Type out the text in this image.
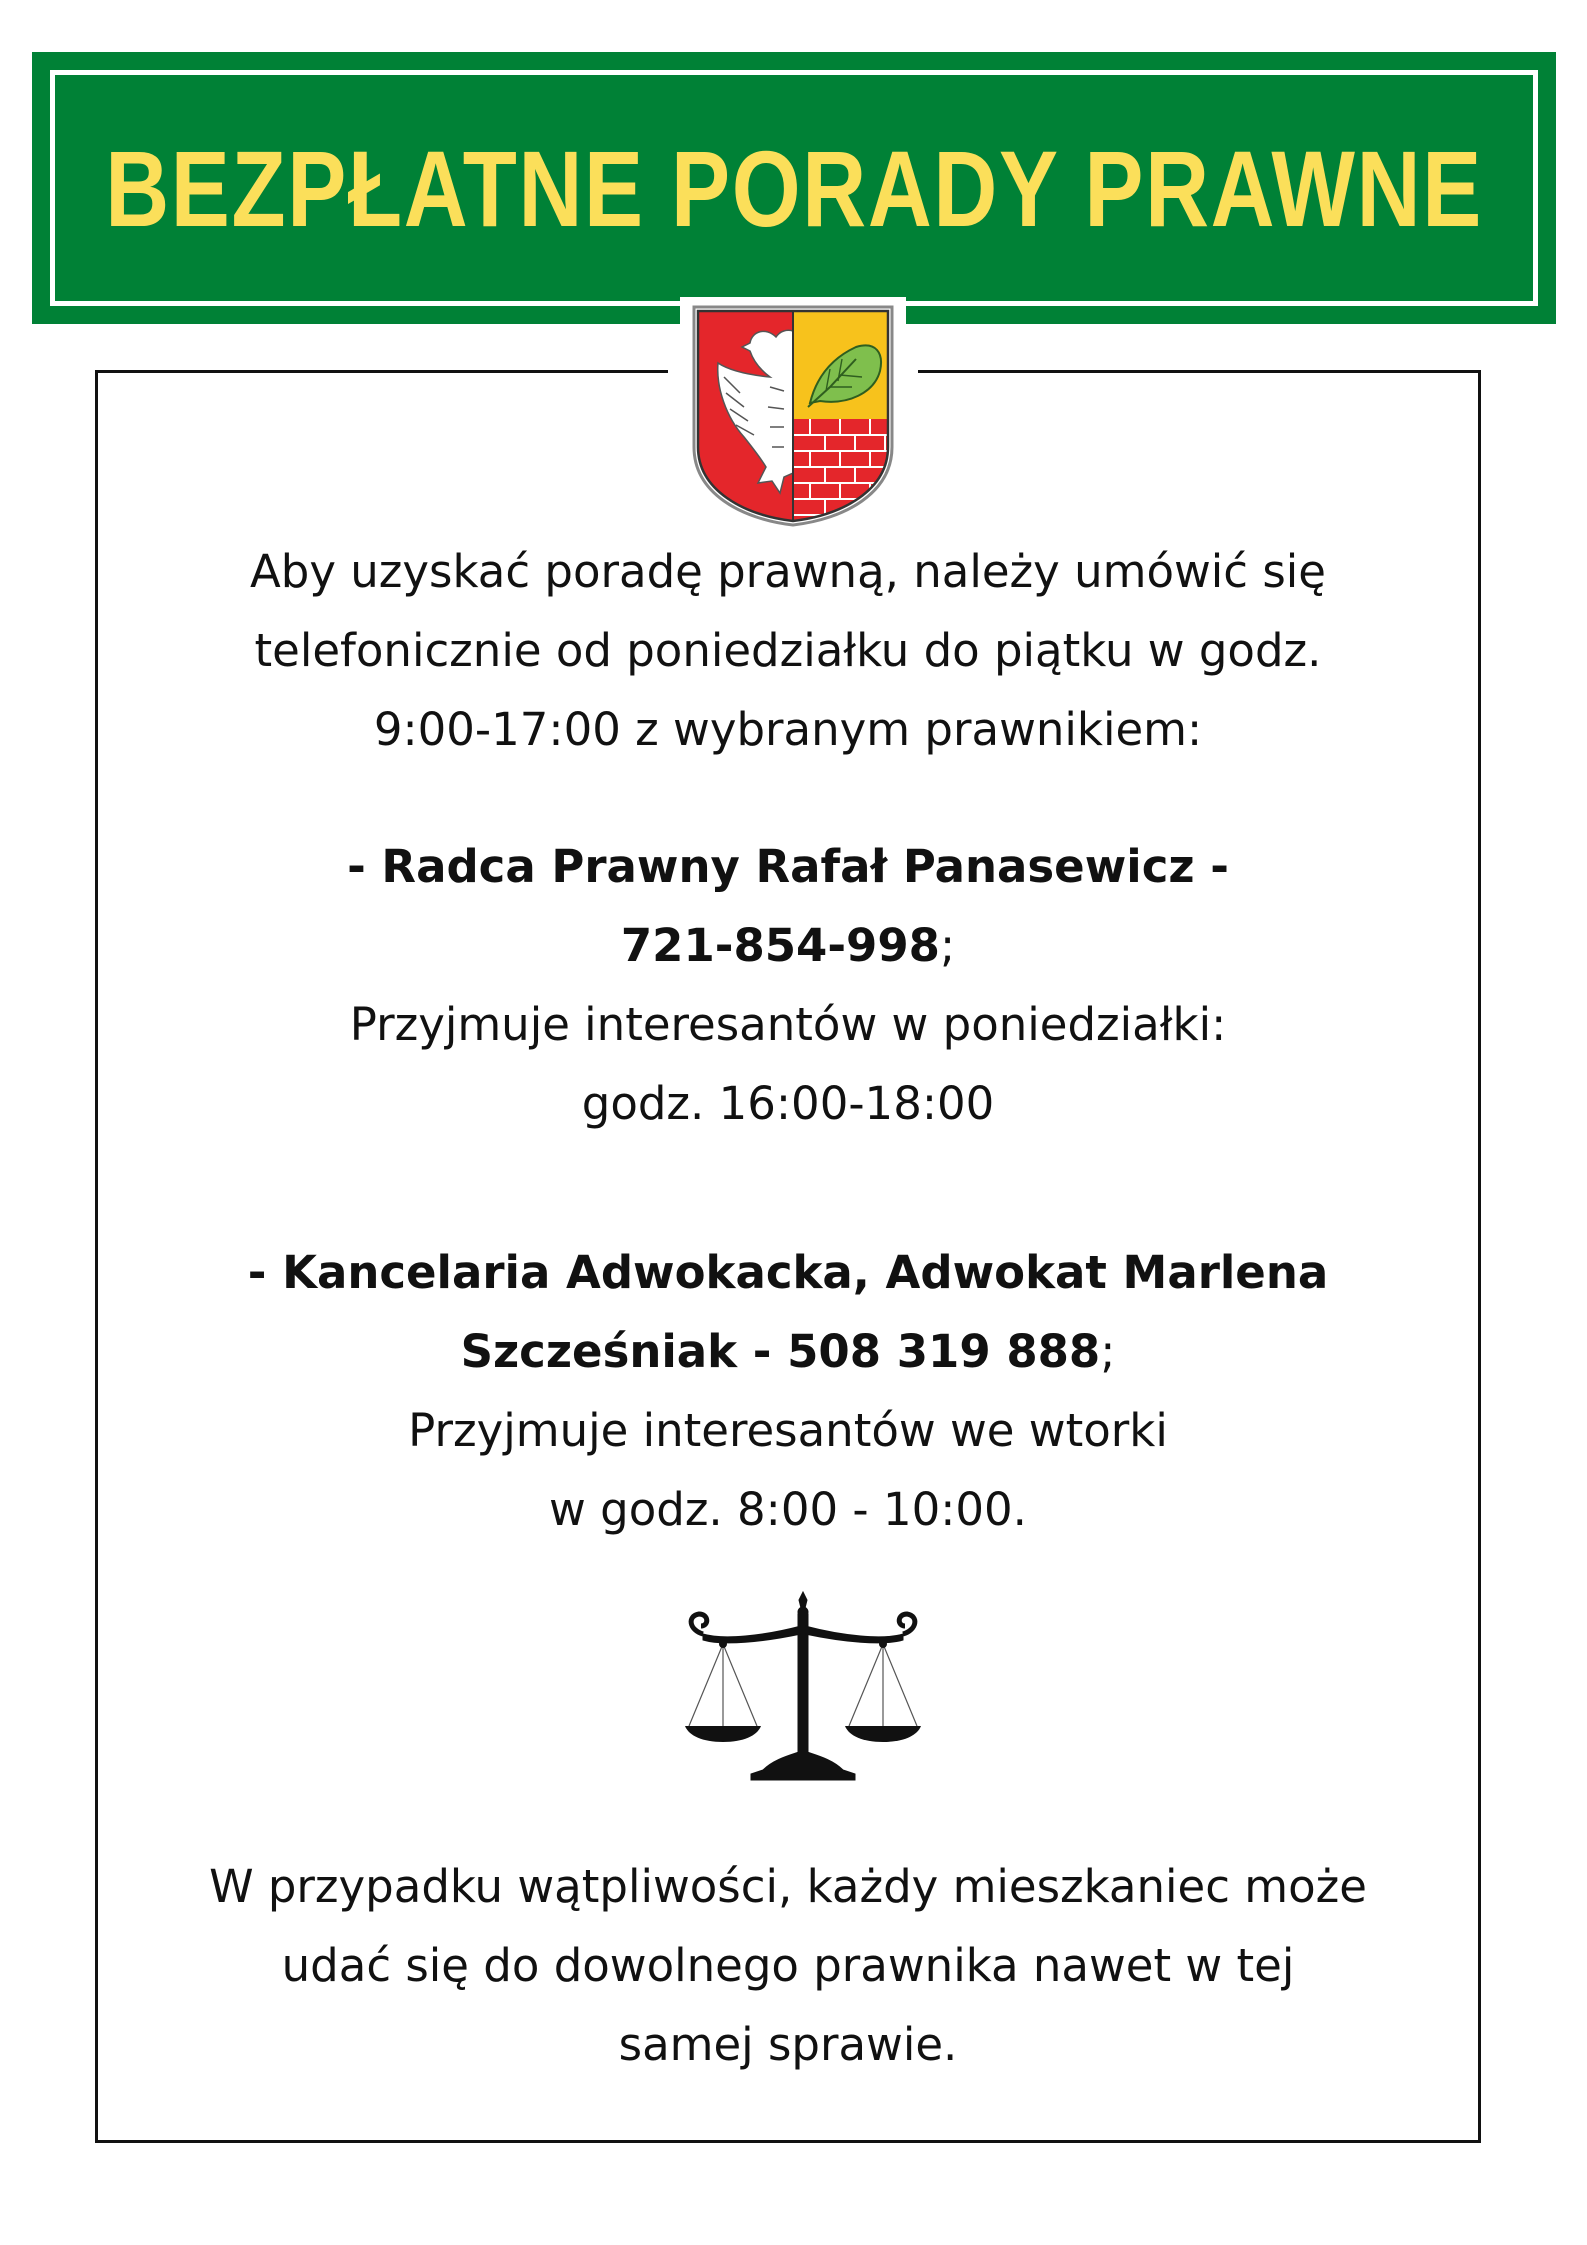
BEZPŁATNE PORADY PRAWNE
Aby uzyskać poradę prawną, należy umówić się
telefonicznie od poniedziałku do piątku w godz.
9:00-17:00 z wybranym prawnikiem:
- Radca Prawny Rafał Panasewicz -
721-854-998;
Przyjmuje interesantów w poniedziałki:
godz. 16:00-18:00
- Kancelaria Adwokacka, Adwokat Marlena
Szcześniak - 508 319 888;
Przyjmuje interesantów we wtorki
w godz. 8:00 - 10:00.
W przypadku wątpliwości, każdy mieszkaniec może
udać się do dowolnego prawnika nawet w tej
samej sprawie.
